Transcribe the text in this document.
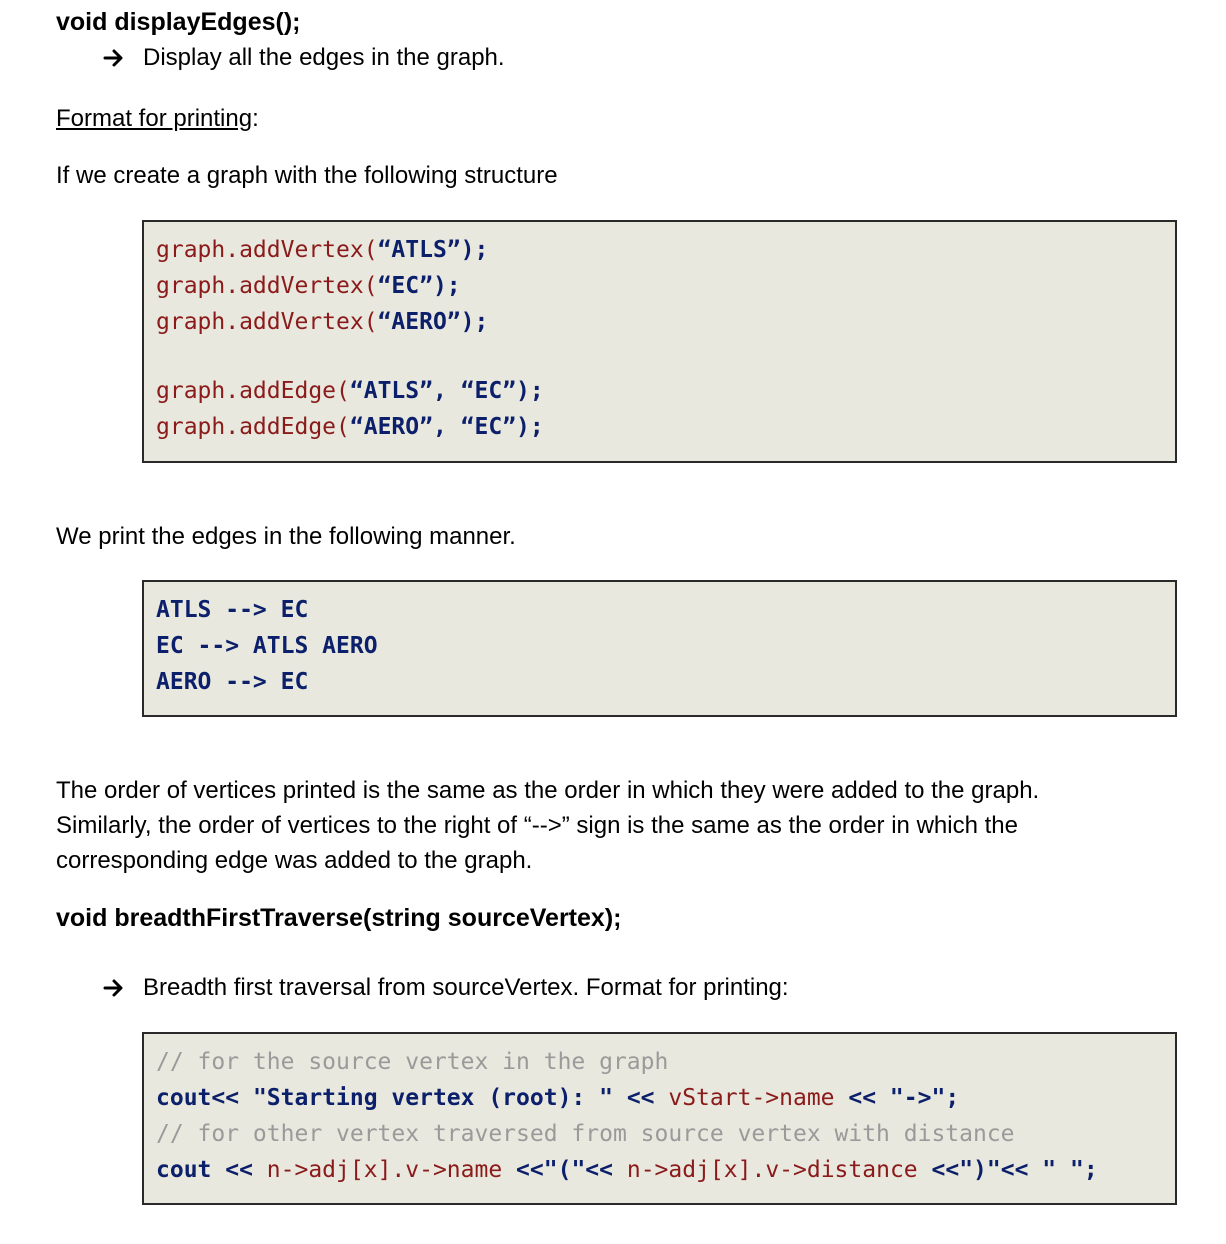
void displayEdges();
Display all the edges in the graph.
Format for printing:
If we create a graph with the following structure
graph.addVertex(“ATLS”);
graph.addVertex(“EC”);
graph.addVertex(“AERO”);
graph.addEdge(“ATLS”, “EC”);
graph.addEdge(“AERO”, “EC”);
We print the edges in the following manner.
ATLS --> EC
EC --> ATLS AERO
AERO --> EC
The order of vertices printed is the same as the order in which they were added to the graph.
Similarly, the order of vertices to the right of “-->” sign is the same as the order in which the
corresponding edge was added to the graph.
void breadthFirstTraverse(string sourceVertex);
Breadth first traversal from sourceVertex. Format for printing:
// for the source vertex in the graph
cout<< "Starting vertex (root): " << vStart->name << "->";
// for other vertex traversed from source vertex with distance
cout << n->adj[x].v->name <<"("<< n->adj[x].v->distance <<")"<< " ";
